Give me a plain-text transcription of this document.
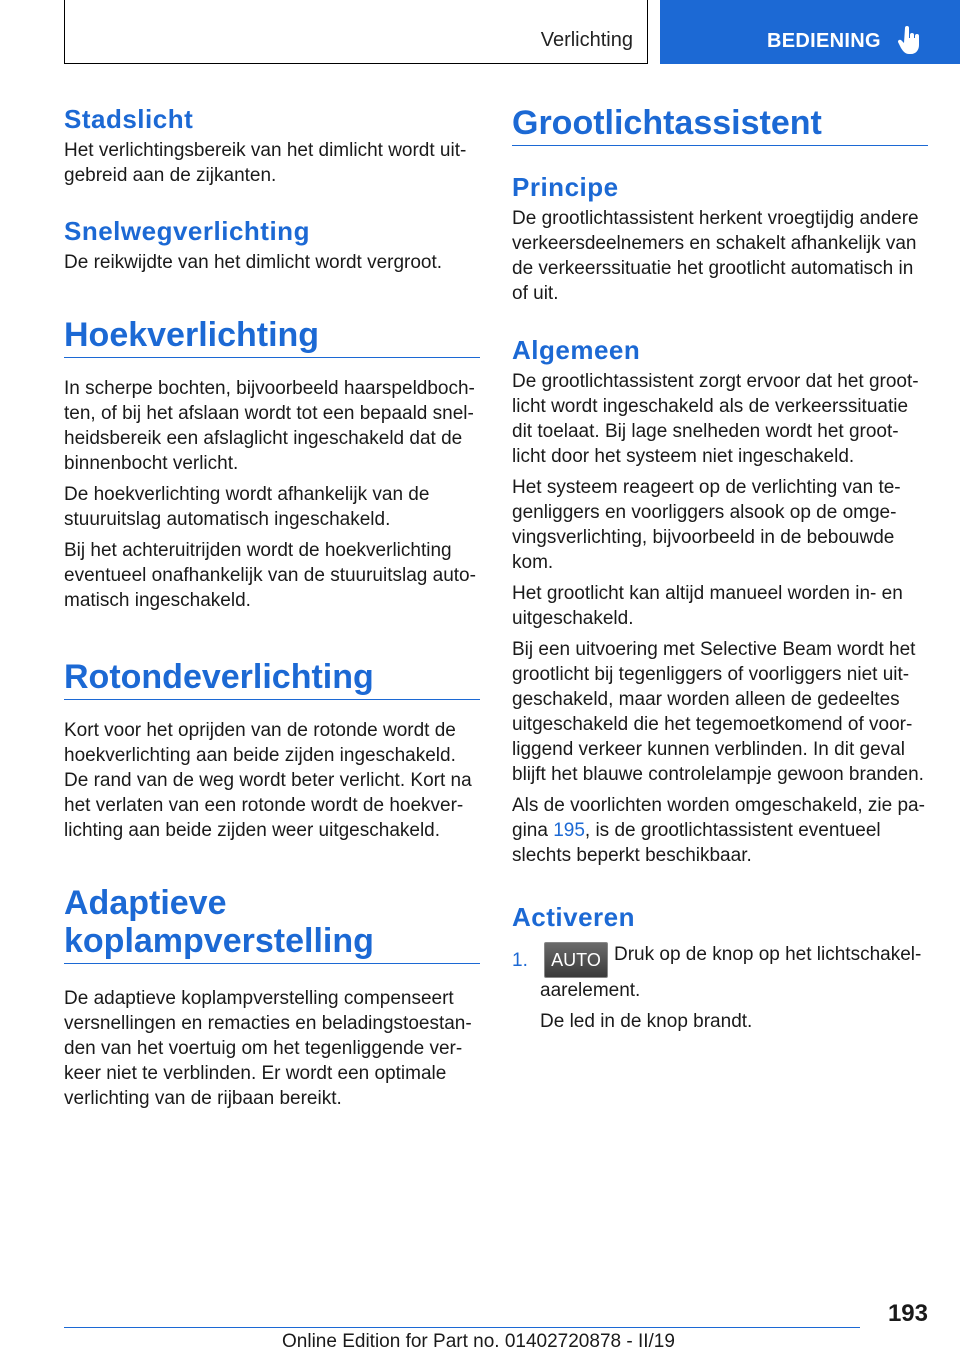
Verlichting	BEDIENING
Stadslicht

Het verlichtingsbereik van het dimlicht wordt uit-gebreid aan de zijkanten.

Snelwegverlichting

De reikwijdte van het dimlicht wordt vergroot.

Hoekverlichting

In scherpe bochten, bijvoorbeeld haarspeldboch-ten, of bij het afslaan wordt tot een bepaald snel-heidsbereik een afslaglicht ingeschakeld dat de binnenbocht verlicht.

De hoekverlichting wordt afhankelijk van de stuuruitslag automatisch ingeschakeld.

Bij het achteruitrijden wordt de hoekverlichting eventueel onafhankelijk van de stuuruitslag auto-matisch ingeschakeld.

Rotondeverlichting

Kort voor het oprijden van de rotonde wordt de hoekverlichting aan beide zijden ingeschakeld. De rand van de weg wordt beter verlicht. Kort na het verlaten van een rotonde wordt de hoekver-lichting aan beide zijden weer uitgeschakeld.

Adaptieve
koplampverstelling

De adaptieve koplampverstelling compenseert versnellingen en remacties en beladingstoestan-den van het voertuig om het tegenliggende ver-keer niet te verblinden. Er wordt een optimale verlichting van de rijbaan bereikt.

Grootlichtassistent
Principe

De grootlichtassistent herkent vroegtijdig andere verkeersdeelnemers en schakelt afhankelijk van de verkeerssituatie het grootlicht automatisch in of uit.

Algemeen

De grootlichtassistent zorgt ervoor dat het groot-licht wordt ingeschakeld als de verkeerssituatie dit toelaat. Bij lage snelheden wordt het groot-licht door het systeem niet ingeschakeld.

Het systeem reageert op de verlichting van te-genliggers en voorliggers alsook op de omge-vingsverlichting, bijvoorbeeld in de bebouwde kom.

Het grootlicht kan altijd manueel worden in- en uitgeschakeld.

Bij een uitvoering met Selective Beam wordt het grootlicht bij tegenliggers of voorliggers niet uit-geschakeld, maar worden alleen de gedeeltes uitgeschakeld die het tegemoetkomend of voor-liggend verkeer kunnen verblinden. In dit geval blijft het blauwe controlelampje gewoon branden.

Als de voorlichten worden omgeschakeld, zie pa-gina 195, is de grootlichtassistent eventueel slechts beperkt beschikbaar.

Activeren
1.	AUTO Druk op de knop op het lichtschakel-aarelement.

De led in de knop brandt.

193
Online Edition for Part no. 01402720878 - II/19
